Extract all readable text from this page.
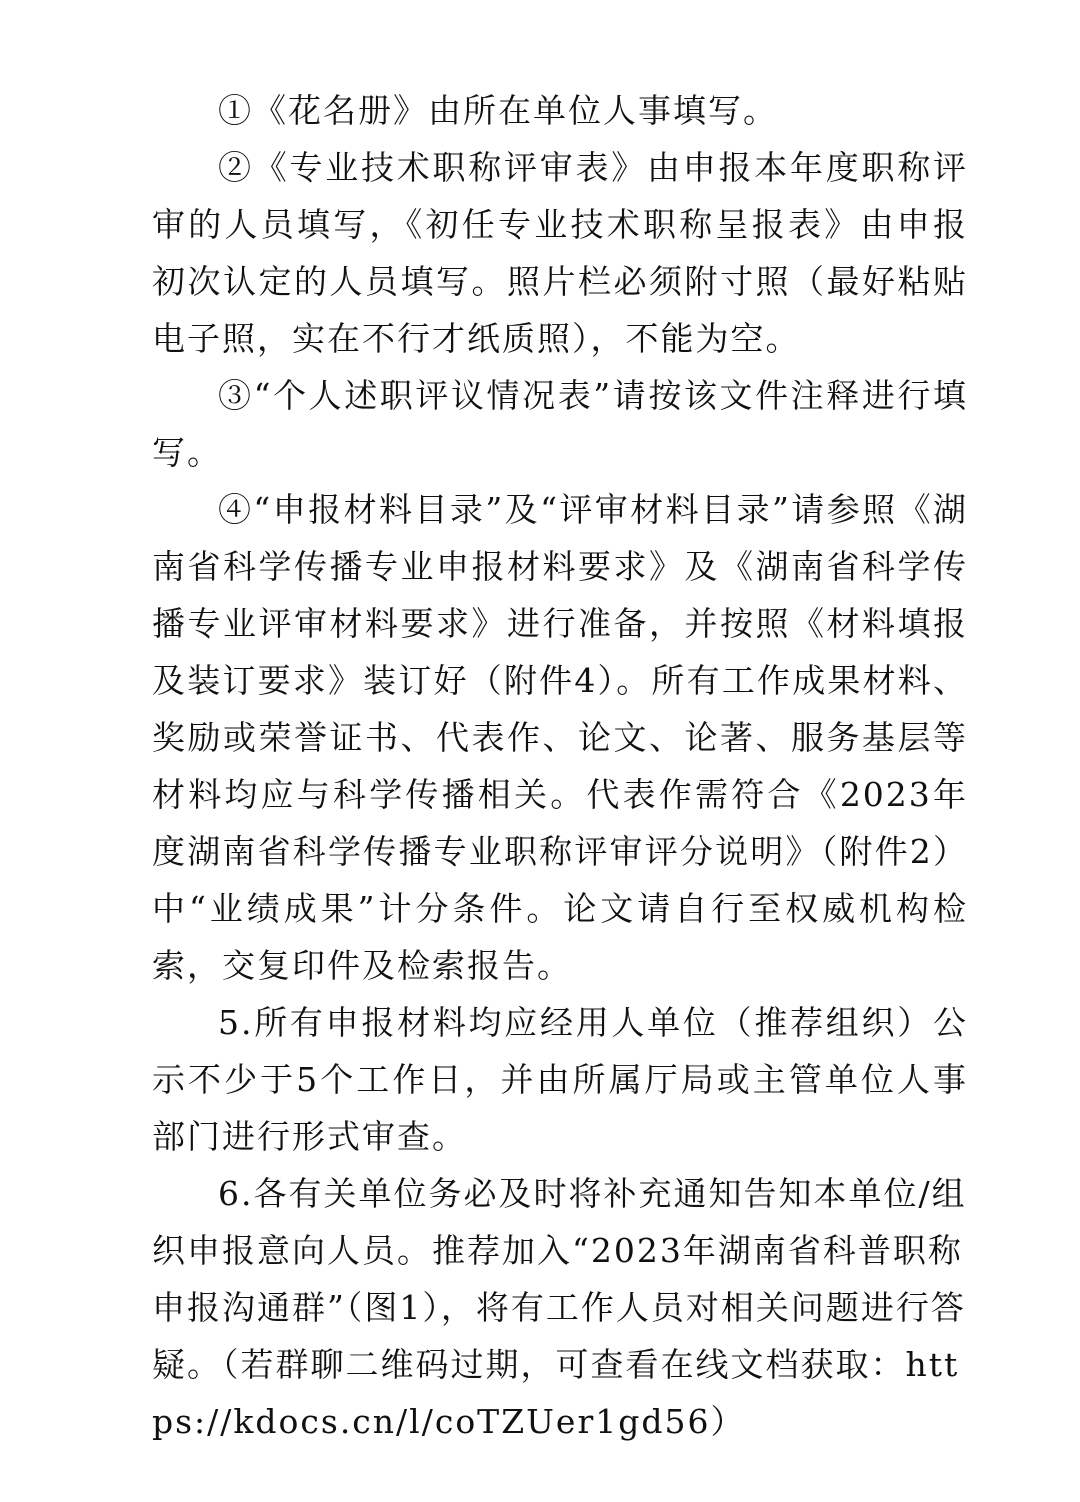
①《花名册》由所在单位人事填写。

②《专业技术职称评审表》由申报本年度职称评审的人员填写，《初任专业技术职称呈报表》由申报初次认定的人员填写。照片栏必须附寸照（最好粘贴电子照，实在不行才纸质照），不能为空。

③“个人述职评议情况表”请按该文件注释进行填写。

④“申报材料目录”及“评审材料目录”请参照《湖南省科学传播专业申报材料要求》及《湖南省科学传播专业评审材料要求》进行准备，并按照《材料填报及装订要求》装订好（附件4）。所有工作成果材料、奖励或荣誉证书、代表作、论文、论著、服务基层等材料均应与科学传播相关。代表作需符合《2023年度湖南省科学传播专业职称评审评分说明》（附件2）中“业绩成果”计分条件。论文请自行至权威机构检索，交复印件及检索报告。

5.所有申报材料均应经用人单位（推荐组织）公示不少于5个工作日，并由所属厅局或主管单位人事部门进行形式审查。

6.各有关单位务必及时将补充通知告知本单位/组织申报意向人员。推荐加入“2023年湖南省科普职称申报沟通群”（图1），将有工作人员对相关问题进行答疑。（若群聊二维码过期，可查看在线文档获取：https://kdocs.cn/l/coTZUer1gd56）
